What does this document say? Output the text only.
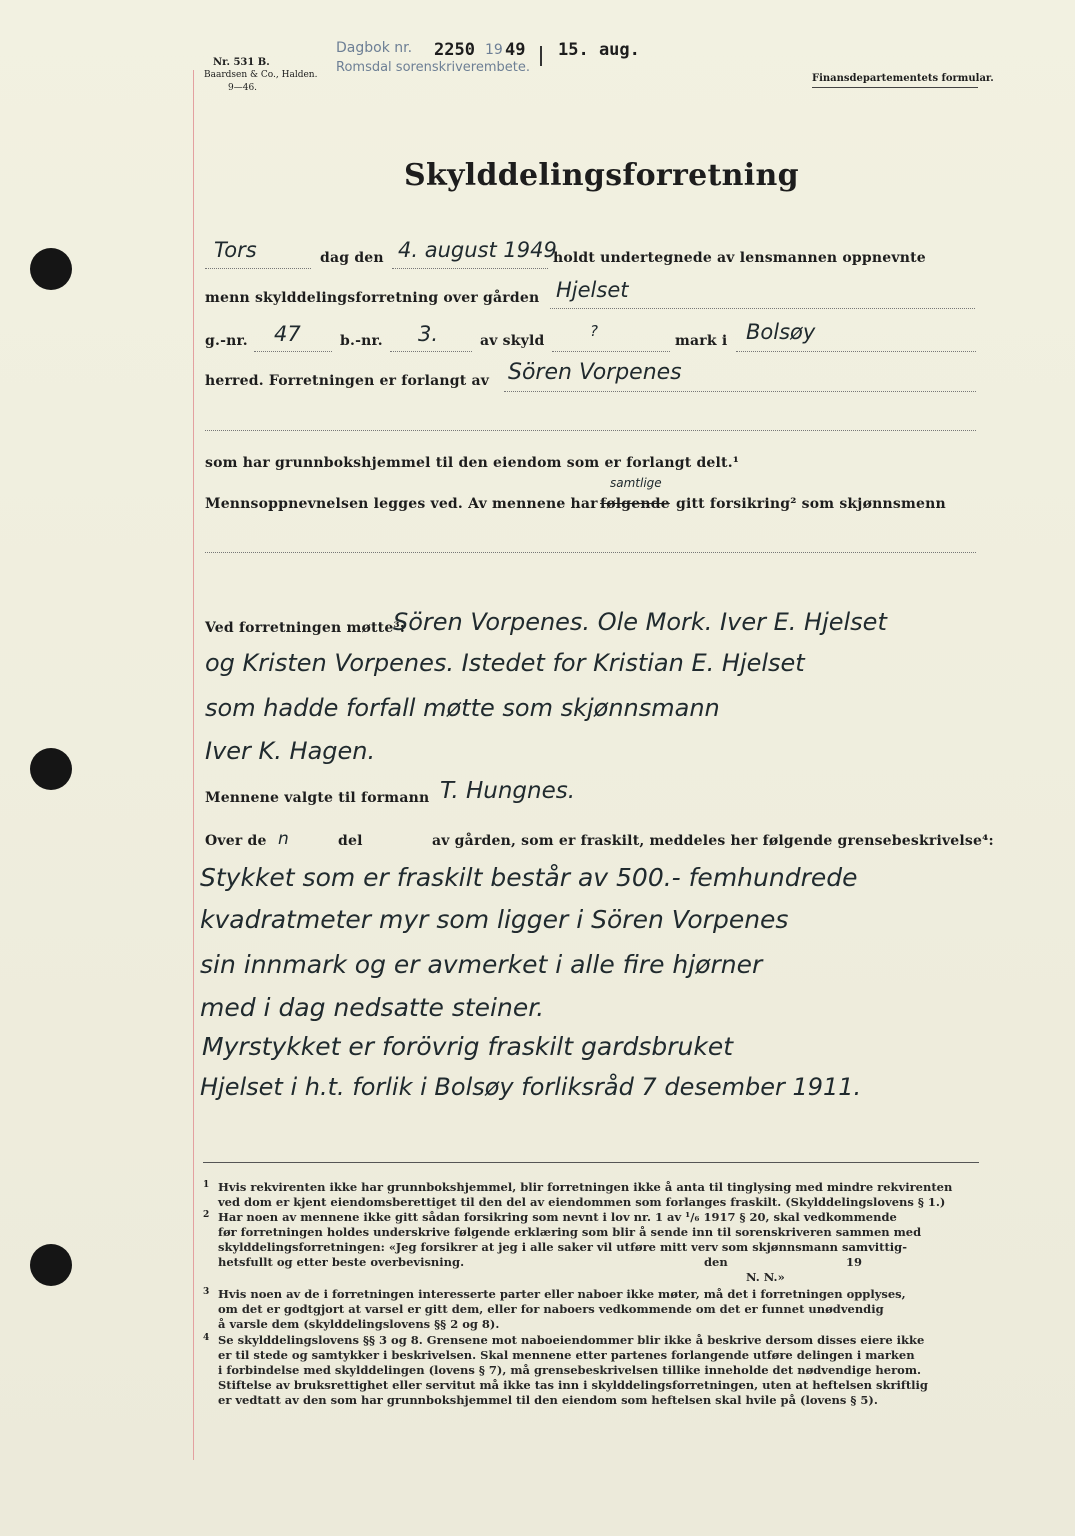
Nr. 531 B.
Baardsen & Co., Halden.
9—46.
Dagbok nr. 2250 19 49 15. aug.
Romsdal sorenskriverembete.
Finansdepartementets formular.
Skylddelingsforretning
Tors	dag den 4. august 1949
holdt undertegnede av lensmannen oppnevnte
menn skylddelingsforretning over gården Hjelset
g.-nr. 47	b.-nr. 3.	av skyld
?
mark i Bolsøy
herred. Forretningen er forlangt av Sören Vorpenes
som har grunnbokshjemmel til den eiendom som er forlangt delt.¹
Mennsoppnevnelsen legges ved. Av mennene har
samtlige
følgende gitt forsikring² som skjønnsmenn
Ved forretningen møtte³:
Sören Vorpenes. Ole Mork. Iver E. Hjelset
og Kristen Vorpenes. Istedet for Kristian E. Hjelset
som hadde forfall møtte som skjønnsmann
Iver K. Hagen.
Mennene valgte til formann T. Hungnes.
Over de n	del	av gården, som er fraskilt, meddeles her følgende grensebeskrivelse⁴:
Stykket som er fraskilt består av 500.- femhundrede
kvadratmeter myr som ligger i Sören Vorpenes
sin innmark og er avmerket i alle fire hjørner
med i dag nedsatte steiner.
Myrstykket er forövrig fraskilt gardsbruket
Hjelset i h.t. forlik i Bolsøy forliksråd 7 desember 1911.
1 Hvis rekvirenten ikke har grunnbokshjemmel, blir forretningen ikke å anta til tinglysing med mindre rekvirenten
ved dom er kjent eiendomsberettiget til den del av eiendommen som forlanges fraskilt. (Skylddelingslovens § 1.)
2 Har noen av mennene ikke gitt sådan forsikring som nevnt i lov nr. 1 av ¹/₆ 1917 § 20, skal vedkommende
før forretningen holdes underskrive følgende erklæring som blir å sende inn til sorenskriveren sammen med
skylddelingsforretningen: «Jeg forsikrer at jeg i alle saker vil utføre mitt verv som skjønnsmann samvittig-
hetsfullt og etter beste overbevisning.	den	19
N. N.»
3 Hvis noen av de i forretningen interesserte parter eller naboer ikke møter, må det i forretningen opplyses,
om det er godtgjort at varsel er gitt dem, eller for naboers vedkommende om det er funnet unødvendig
å varsle dem (skylddelingslovens §§ 2 og 8).
4 Se skylddelingslovens §§ 3 og 8. Grensene mot naboeiendommer blir ikke å beskrive dersom disses eiere ikke
er til stede og samtykker i beskrivelsen. Skal mennene etter partenes forlangende utføre delingen i marken
i forbindelse med skylddelingen (lovens § 7), må grensebeskrivelsen tillike inneholde det nødvendige herom.
Stiftelse av bruksrettighet eller servitut må ikke tas inn i skylddelingsforretningen, uten at heftelsen skriftlig
er vedtatt av den som har grunnbokshjemmel til den eiendom som heftelsen skal hvile på (lovens § 5).
